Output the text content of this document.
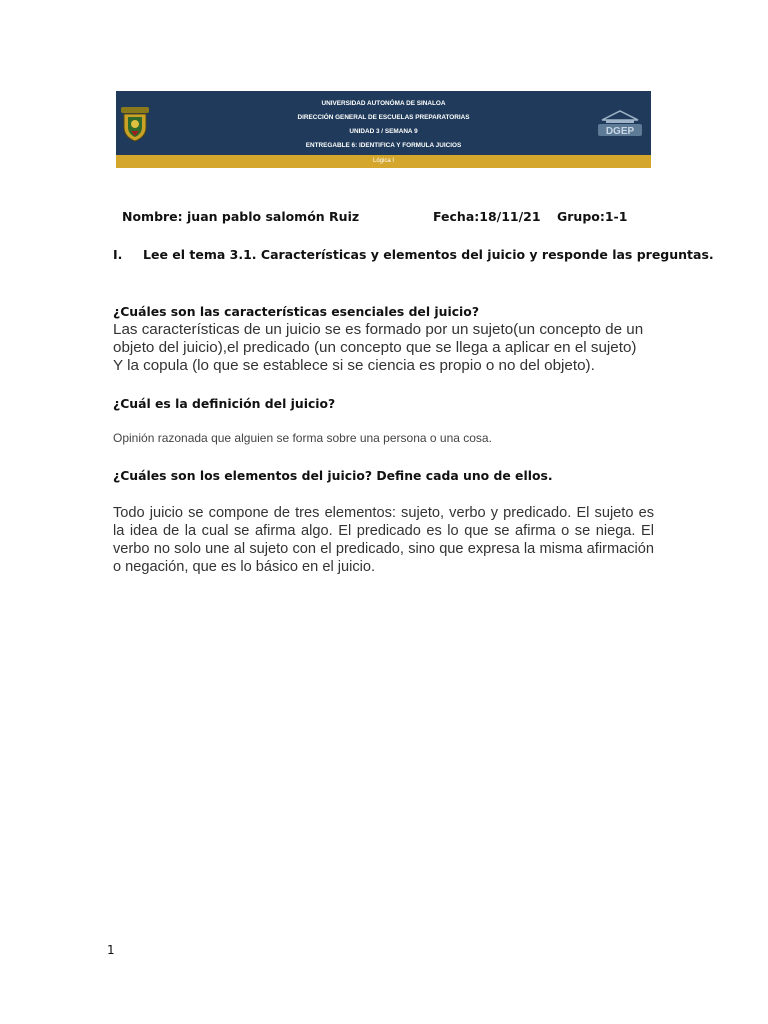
UNIVERSIDAD AUTONÓMA DE SINALOA
DIRECCIÓN GENERAL DE ESCUELAS PREPARATORIAS
UNIDAD 3 / SEMANA 9
ENTREGABLE 6: IDENTIFICA Y FORMULA JUICIOS
DGEP
Lógica I
Nombre: juan pablo salomón Ruiz	Fecha:18/11/21 Grupo:1-1
I. Lee el tema 3.1. Características y elementos del juicio y responde las preguntas.
¿Cuáles son las características esenciales del juicio?
Las características de un juicio se es formado por un sujeto(un concepto de un
objeto del juicio),el predicado (un concepto que se llega a aplicar en el sujeto)
Y la copula (lo que se establece si se ciencia es propio o no del objeto).
¿Cuál es la definición del juicio?
Opinión razonada que alguien se forma sobre una persona o una cosa.
¿Cuáles son los elementos del juicio? Define cada uno de ellos.
Todo juicio se compone de tres elementos: sujeto, verbo y predicado. El sujeto es la idea de la cual se afirma algo. El predicado es lo que se afirma o se niega. El verbo no solo une al sujeto con el predicado, sino que expresa la misma afirmación o negación, que es lo básico en el juicio.
1
